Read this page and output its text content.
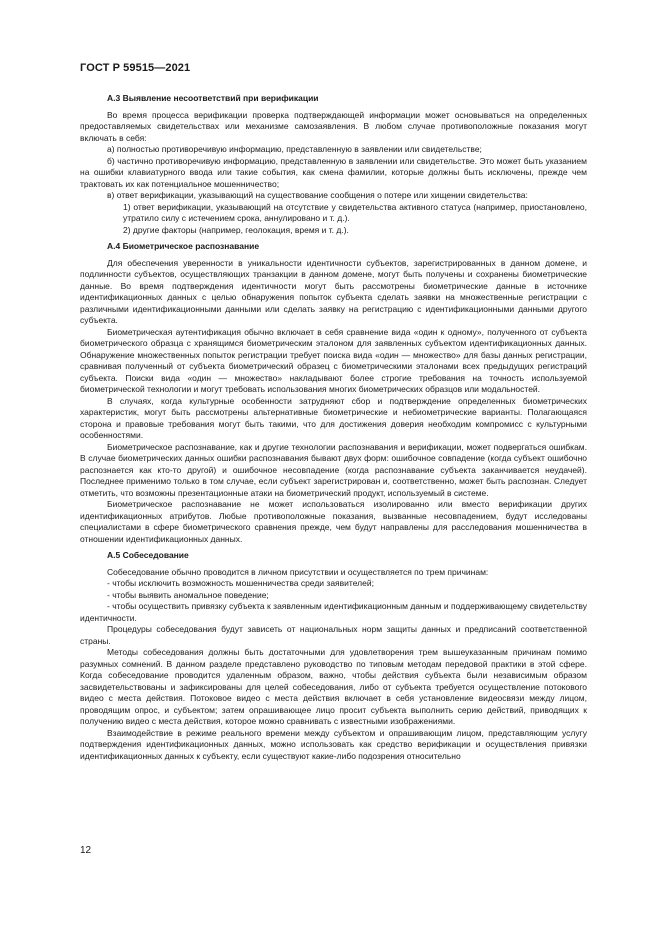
ГОСТ Р 59515—2021
А.3 Выявление несоответствий при верификации

Во время процесса верификации проверка подтверждающей информации может основываться на определенных предоставляемых свидетельствах или механизме самозаявления. В любом случае противоположные показания могут включать в себя:

а) полностью противоречивую информацию, представленную в заявлении или свидетельстве;

б) частично противоречивую информацию, представленную в заявлении или свидетельстве. Это может быть указанием на ошибки клавиатурного ввода или такие события, как смена фамилии, которые должны быть исключены, прежде чем трактовать их как потенциальное мошенничество;

в) ответ верификации, указывающий на существование сообщения о потере или хищении свидетельства:

1) ответ верификации, указывающий на отсутствие у свидетельства активного статуса (например, приостановлено, утратило силу с истечением срока, аннулировано и т. д.).

2) другие факторы (например, геолокация, время и т. д.).

А.4 Биометрическое распознавание

Для обеспечения уверенности в уникальности идентичности субъектов, зарегистрированных в данном домене, и подлинности субъектов, осуществляющих транзакции в данном домене, могут быть получены и сохранены биометрические данные. Во время подтверждения идентичности могут быть рассмотрены биометрические данные в источнике идентификационных данных с целью обнаружения попыток субъекта сделать заявки на множественные регистрации с различными идентификационными данными или сделать заявку на регистрацию с идентификационными данными другого субъекта.

Биометрическая аутентификация обычно включает в себя сравнение вида «один к одному», полученного от субъекта биометрического образца с хранящимся биометрическим эталоном для заявленных субъектом идентификационных данных. Обнаружение множественных попыток регистрации требует поиска вида «один — множество» для базы данных регистрации, сравнивая полученный от субъекта биометрический образец с биометрическими эталонами всех предыдущих регистраций субъекта. Поиски вида «один — множество» накладывают более строгие требования на точность используемой биометрической технологии и могут требовать использования многих биометрических образцов или модальностей.

В случаях, когда культурные особенности затрудняют сбор и подтверждение определенных биометрических характеристик, могут быть рассмотрены альтернативные биометрические и небиометрические варианты. Полагающаяся сторона и правовые требования могут быть такими, что для достижения доверия необходим компромисс с культурными особенностями.

Биометрическое распознавание, как и другие технологии распознавания и верификации, может подвергаться ошибкам. В случае биометрических данных ошибки распознавания бывают двух форм: ошибочное совпадение (когда субъект ошибочно распознается как кто-то другой) и ошибочное несовпадение (когда распознавание субъекта заканчивается неудачей). Последнее применимо только в том случае, если субъект зарегистрирован и, соответственно, может быть распознан. Следует отметить, что возможны презентационные атаки на биометрический продукт, используемый в системе.

Биометрическое распознавание не может использоваться изолированно или вместо верификации других идентификационных атрибутов. Любые противоположные показания, вызванные несовпадением, будут исследованы специалистами в сфере биометрического сравнения прежде, чем будут направлены для расследования мошенничества в отношении идентификационных данных.

А.5 Собеседование

Собеседование обычно проводится в личном присутствии и осуществляется по трем причинам:

- чтобы исключить возможность мошенничества среди заявителей;

- чтобы выявить аномальное поведение;

- чтобы осуществить привязку субъекта к заявленным идентификационным данным и поддерживающему свидетельству идентичности.

Процедуры собеседования будут зависеть от национальных норм защиты данных и предписаний соответственной страны.

Методы собеседования должны быть достаточными для удовлетворения трем вышеуказанным причинам помимо разумных сомнений. В данном разделе представлено руководство по типовым методам передовой практики в этой сфере. Когда собеседование проводится удаленным образом, важно, чтобы действия субъекта были независимым образом засвидетельствованы и зафиксированы для целей собеседования, либо от субъекта требуется осуществление потокового видео с места действия. Потоковое видео с места действия включает в себя установление видеосвязи между лицом, проводящим опрос, и субъектом; затем опрашивающее лицо просит субъекта выполнить серию действий, приводящих к получению видео с места действия, которое можно сравнивать с известными изображениями.

Взаимодействие в режиме реального времени между субъектом и опрашивающим лицом, представляющим услугу подтверждения идентификационных данных, можно использовать как средство верификации и осуществления привязки идентификационных данных к субъекту, если существуют какие-либо подозрения относительно

12
